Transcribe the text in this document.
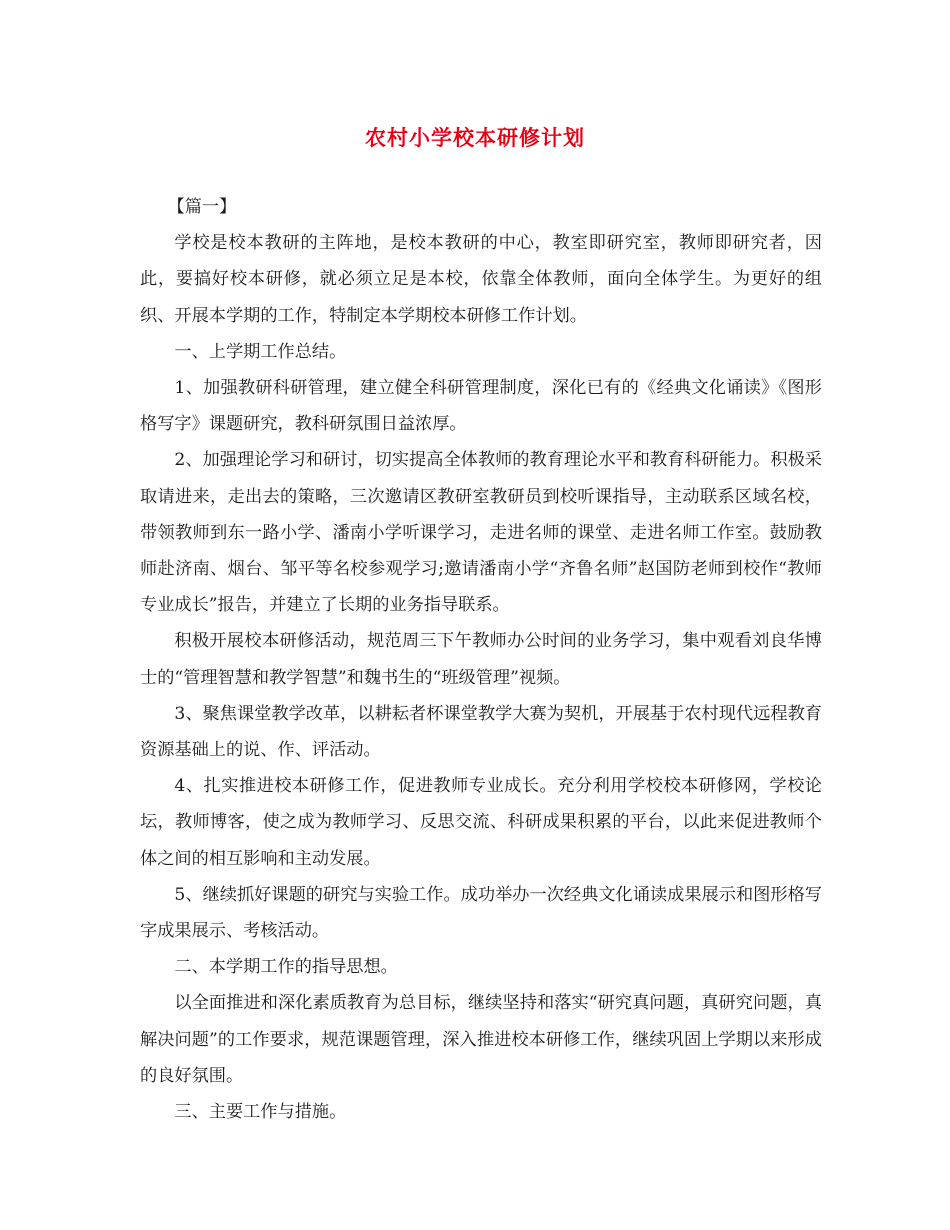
农村小学校本研修计划

【篇一】

学校是校本教研的主阵地，是校本教研的中心，教室即研究室，教师即研究者，因此，要搞好校本研修，就必须立足是本校，依靠全体教师，面向全体学生。为更好的组织、开展本学期的工作，特制定本学期校本研修工作计划。

一、上学期工作总结。

1、加强教研科研管理，建立健全科研管理制度，深化已有的《经典文化诵读》《图形格写字》课题研究，教科研氛围日益浓厚。

2、加强理论学习和研讨，切实提高全体教师的教育理论水平和教育科研能力。积极采取请进来，走出去的策略，三次邀请区教研室教研员到校听课指导，主动联系区域名校，带领教师到东一路小学、潘南小学听课学习，走进名师的课堂、走进名师工作室。鼓励教师赴济南、烟台、邹平等名校参观学习;邀请潘南小学“齐鲁名师”赵国防老师到校作“教师专业成长”报告，并建立了长期的业务指导联系。

积极开展校本研修活动，规范周三下午教师办公时间的业务学习，集中观看刘良华博士的“管理智慧和教学智慧”和魏书生的“班级管理”视频。

3、聚焦课堂教学改革，以耕耘者杯课堂教学大赛为契机，开展基于农村现代远程教育资源基础上的说、作、评活动。

4、扎实推进校本研修工作，促进教师专业成长。充分利用学校校本研修网，学校论坛，教师博客，使之成为教师学习、反思交流、科研成果积累的平台，以此来促进教师个体之间的相互影响和主动发展。

5、继续抓好课题的研究与实验工作。成功举办一次经典文化诵读成果展示和图形格写字成果展示、考核活动。

二、本学期工作的指导思想。

以全面推进和深化素质教育为总目标，继续坚持和落实“研究真问题，真研究问题，真解决问题”的工作要求，规范课题管理，深入推进校本研修工作，继续巩固上学期以来形成的良好氛围。

三、主要工作与措施。
